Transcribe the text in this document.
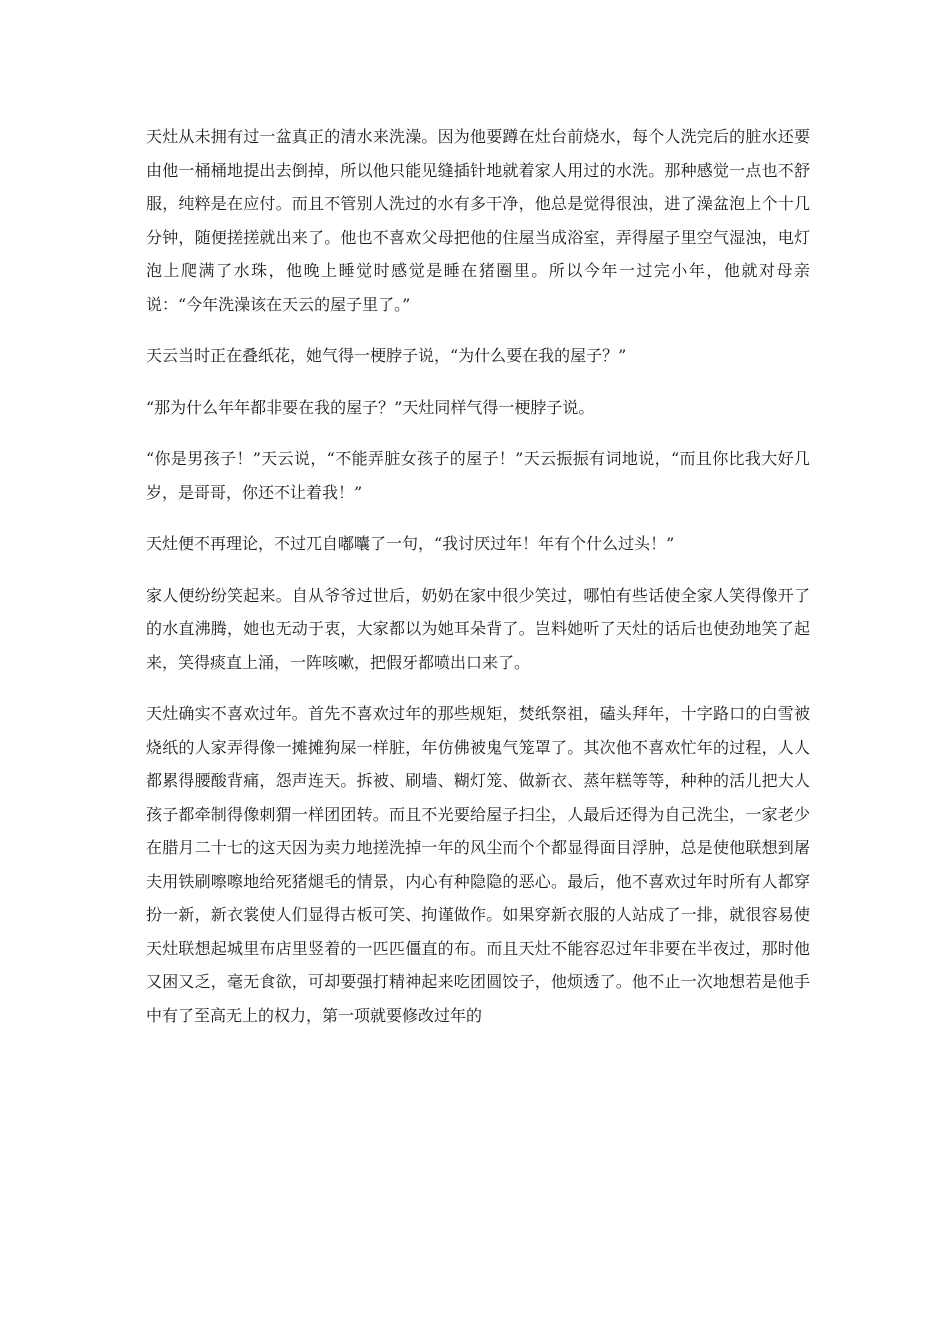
天灶从未拥有过一盆真正的清水来洗澡。因为他要蹲在灶台前烧水，每个人洗完后的脏水还要由他一桶桶地提出去倒掉，所以他只能见缝插针地就着家人用过的水洗。那种感觉一点也不舒服，纯粹是在应付。而且不管别人洗过的水有多干净，他总是觉得很浊，进了澡盆泡上个十几分钟，随便搓搓就出来了。他也不喜欢父母把他的住屋当成浴室，弄得屋子里空气湿浊，电灯泡上爬满了水珠，他晚上睡觉时感觉是睡在猪圈里。所以今年一过完小年，他就对母亲说：“今年洗澡该在天云的屋子里了。”

天云当时正在叠纸花，她气得一梗脖子说，“为什么要在我的屋子？”

“那为什么年年都非要在我的屋子？”天灶同样气得一梗脖子说。

“你是男孩子！”天云说，“不能弄脏女孩子的屋子！”天云振振有词地说，“而且你比我大好几岁，是哥哥，你还不让着我！”

天灶便不再理论，不过兀自嘟囔了一句，“我讨厌过年！年有个什么过头！”

家人便纷纷笑起来。自从爷爷过世后，奶奶在家中很少笑过，哪怕有些话使全家人笑得像开了的水直沸腾，她也无动于衷，大家都以为她耳朵背了。岂料她听了天灶的话后也使劲地笑了起来，笑得痰直上涌，一阵咳嗽，把假牙都喷出口来了。

天灶确实不喜欢过年。首先不喜欢过年的那些规矩，焚纸祭祖，磕头拜年，十字路口的白雪被烧纸的人家弄得像一摊摊狗屎一样脏，年仿佛被鬼气笼罩了。其次他不喜欢忙年的过程，人人都累得腰酸背痛，怨声连天。拆被、刷墙、糊灯笼、做新衣、蒸年糕等等，种种的活儿把大人孩子都牵制得像刺猬一样团团转。而且不光要给屋子扫尘，人最后还得为自己洗尘，一家老少在腊月二十七的这天因为卖力地搓洗掉一年的风尘而个个都显得面目浮肿，总是使他联想到屠夫用铁刷嚓嚓地给死猪煺毛的情景，内心有种隐隐的恶心。最后，他不喜欢过年时所有人都穿扮一新，新衣裳使人们显得古板可笑、拘谨做作。如果穿新衣服的人站成了一排，就很容易使天灶联想起城里布店里竖着的一匹匹僵直的布。而且天灶不能容忍过年非要在半夜过，那时他又困又乏，毫无食欲，可却要强打精神起来吃团圆饺子，他烦透了。他不止一次地想若是他手中有了至高无上的权力，第一项就要修改过年的
